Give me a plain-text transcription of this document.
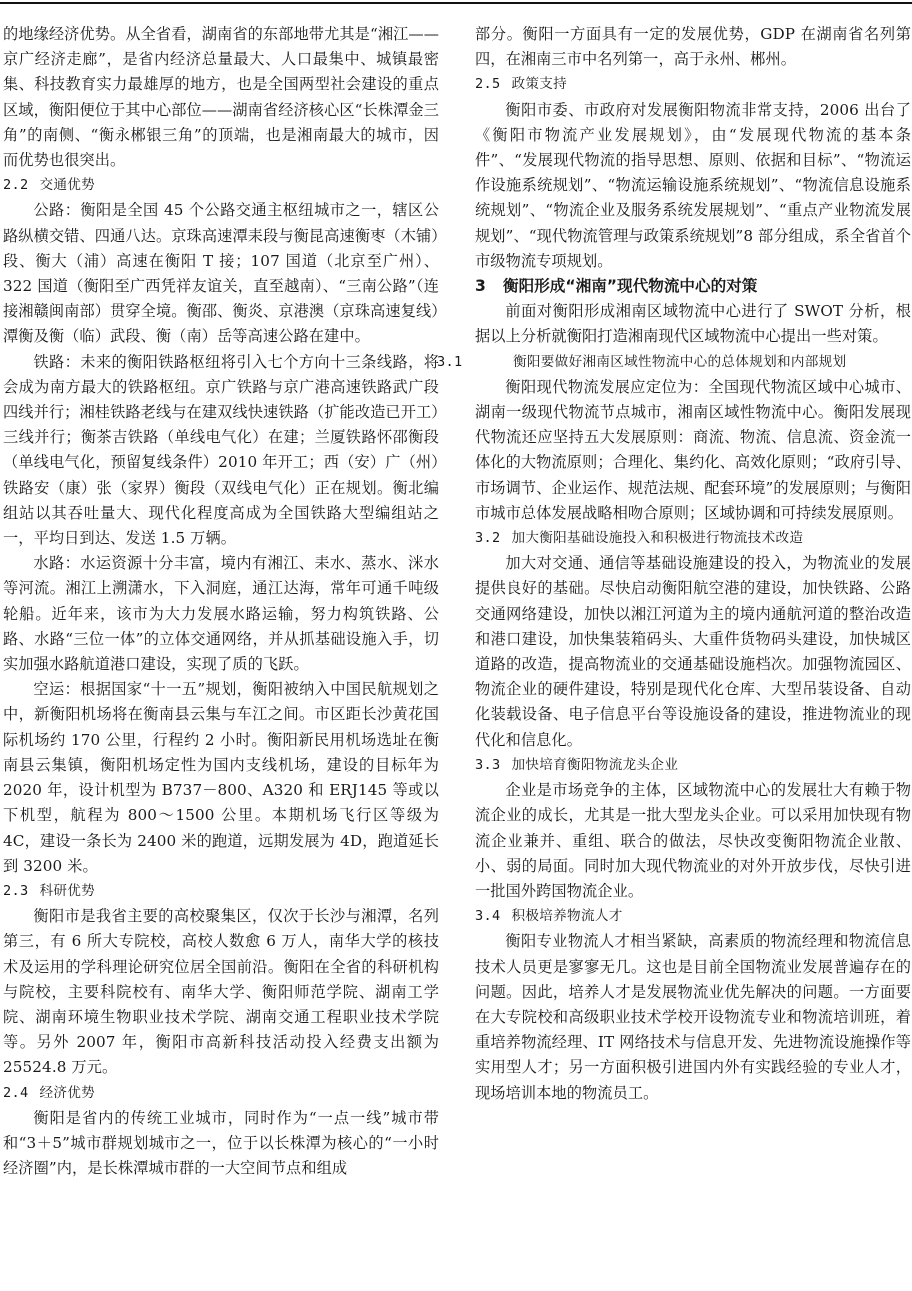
的地缘经济优势。从全省看，湖南省的东部地带尤其是“湘江——京广经济走廊”，是省内经济总量最大、人口最集中、城镇最密集、科技教育实力最雄厚的地方，也是全国两型社会建设的重点区域，衡阳便位于其中心部位——湖南省经济核心区“长株潭金三角”的南侧、“衡永郴银三角”的顶端，也是湘南最大的城市，因而优势也很突出。

2.2 交通优势

公路：衡阳是全国 45 个公路交通主枢纽城市之一，辖区公路纵横交错、四通八达。京珠高速潭耒段与衡昆高速衡枣（木铺）段、衡大（浦）高速在衡阳 T 接；107 国道（北京至广州）、322 国道（衡阳至广西凭祥友谊关，直至越南）、“三南公路”（连接湘赣闽南部）贯穿全境。衡邵、衡炎、京港澳（京珠高速复线）潭衡及衡（临）武段、衡（南）岳等高速公路在建中。

铁路：未来的衡阳铁路枢纽将引入七个方向十三条线路，将会成为南方最大的铁路枢纽。京广铁路与京广港高速铁路武广段四线并行；湘桂铁路老线与在建双线快速铁路（扩能改造已开工）三线并行；衡茶吉铁路（单线电气化）在建；兰厦铁路怀邵衡段（单线电气化，预留复线条件）2010 年开工；西（安）广（州）铁路安（康）张（家界）衡段（双线电气化）正在规划。衡北编组站以其吞吐量大、现代化程度高成为全国铁路大型编组站之一，平均日到达、发送 1.5 万辆。

水路：水运资源十分丰富，境内有湘江、耒水、蒸水、洣水等河流。湘江上溯潇水，下入洞庭，通江达海，常年可通千吨级轮船。近年来，该市为大力发展水路运输，努力构筑铁路、公路、水路“三位一体”的立体交通网络，并从抓基础设施入手，切实加强水路航道港口建设，实现了质的飞跃。

空运：根据国家“十一五”规划，衡阳被纳入中国民航规划之中，新衡阳机场将在衡南县云集与车江之间。市区距长沙黄花国际机场约 170 公里，行程约 2 小时。衡阳新民用机场选址在衡南县云集镇，衡阳机场定性为国内支线机场，建设的目标年为 2020 年，设计机型为 B737－800、A320 和 ERJ145 等或以下机型，航程为 800～1500 公里。本期机场飞行区等级为 4C，建设一条长为 2400 米的跑道，远期发展为 4D，跑道延长到 3200 米。

2.3 科研优势

衡阳市是我省主要的高校聚集区，仅次于长沙与湘潭，名列第三，有 6 所大专院校，高校人数愈 6 万人，南华大学的核技术及运用的学科理论研究位居全国前沿。衡阳在全省的科研机构与院校，主要科院校有、南华大学、衡阳师范学院、湖南工学院、湖南环境生物职业技术学院、湖南交通工程职业技术学院等。另外 2007 年，衡阳市高新科技活动投入经费支出额为 25524.8 万元。

2.4 经济优势

衡阳是省内的传统工业城市，同时作为“一点一线”城市带和“3＋5”城市群规划城市之一，位于以长株潭为核心的“一小时经济圈”内，是长株潭城市群的一大空间节点和组成

部分。衡阳一方面具有一定的发展优势，GDP 在湖南省名列第四，在湘南三市中名列第一，高于永州、郴州。

2.5 政策支持

衡阳市委、市政府对发展衡阳物流非常支持，2006 出台了《衡阳市物流产业发展规划》，由“发展现代物流的基本条件”、“发展现代物流的指导思想、原则、依据和目标”、“物流运作设施系统规划”、“物流运输设施系统规划”、“物流信息设施系统规划”、“物流企业及服务系统发展规划”、“重点产业物流发展规划”、“现代物流管理与政策系统规划”8 部分组成，系全省首个市级物流专项规划。

3 衡阳形成“湘南”现代物流中心的对策

前面对衡阳形成湘南区域物流中心进行了 SWOT 分析，根据以上分析就衡阳打造湘南现代区域物流中心提出一些对策。

3.1	衡阳要做好湘南区域性物流中心的总体规划和内部规划

衡阳现代物流发展应定位为：全国现代物流区域中心城市、湖南一级现代物流节点城市，湘南区域性物流中心。衡阳发展现代物流还应坚持五大发展原则：商流、物流、信息流、资金流一体化的大物流原则；合理化、集约化、高效化原则；“政府引导、市场调节、企业运作、规范法规、配套环境”的发展原则；与衡阳市城市总体发展战略相吻合原则；区域协调和可持续发展原则。

3.2 加大衡阳基础设施投入和积极进行物流技术改造

加大对交通、通信等基础设施建设的投入，为物流业的发展提供良好的基础。尽快启动衡阳航空港的建设，加快铁路、公路交通网络建设，加快以湘江河道为主的境内通航河道的整治改造和港口建设，加快集装箱码头、大重件货物码头建设，加快城区道路的改造，提高物流业的交通基础设施档次。加强物流园区、物流企业的硬件建设，特别是现代化仓库、大型吊装设备、自动化装载设备、电子信息平台等设施设备的建设，推进物流业的现代化和信息化。

3.3 加快培育衡阳物流龙头企业

企业是市场竞争的主体，区域物流中心的发展壮大有赖于物流企业的成长，尤其是一批大型龙头企业。可以采用加快现有物流企业兼并、重组、联合的做法，尽快改变衡阳物流企业散、小、弱的局面。同时加大现代物流业的对外开放步伐，尽快引进一批国外跨国物流企业。

3.4 积极培养物流人才

衡阳专业物流人才相当紧缺，高素质的物流经理和物流信息技术人员更是寥寥无几。这也是目前全国物流业发展普遍存在的问题。因此，培养人才是发展物流业优先解决的问题。一方面要在大专院校和高级职业技术学校开设物流专业和物流培训班，着重培养物流经理、IT 网络技术与信息开发、先进物流设施操作等实用型人才；另一方面积极引进国内外有实践经验的专业人才，现场培训本地的物流员工。
